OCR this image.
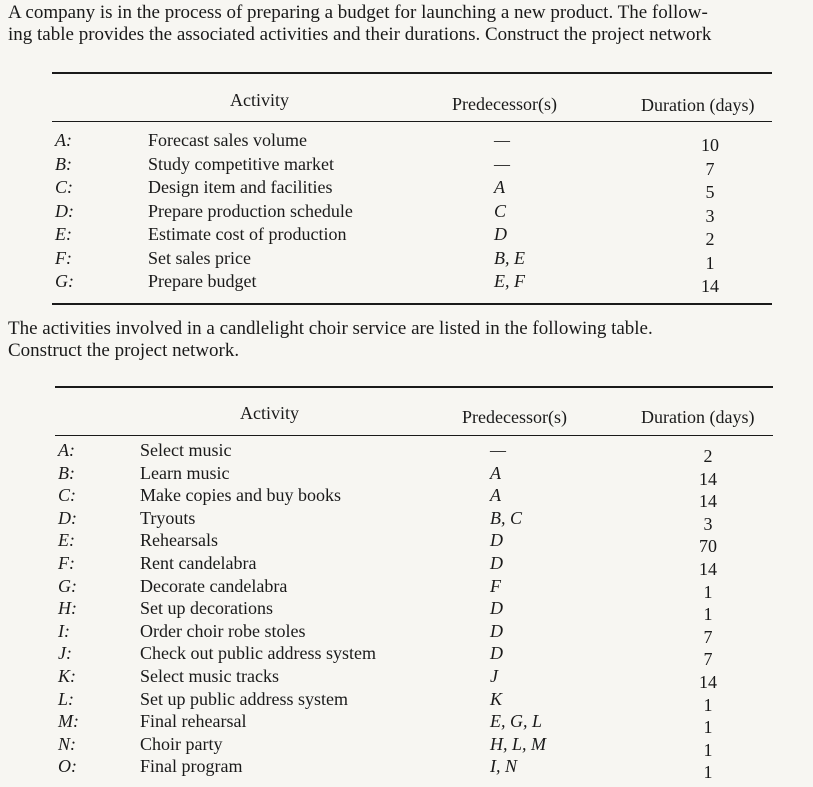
A company is in the process of preparing a budget for launching a new product. The follow-
ing table provides the associated activities and their durations. Construct the project network

Activity	Predecessor(s)	Duration (days)
A:	Forecast sales volume	—	10
B:	Study competitive market	—	7
C:	Design item and facilities	A	5
D:	Prepare production schedule	C	3
E:	Estimate cost of production	D	2
F:	Set sales price	B, E	1
G:	Prepare budget	E, F	14

The activities involved in a candlelight choir service are listed in the following table.
Construct the project network.

Activity	Predecessor(s)	Duration (days)
A:	Select music	—	2
B:	Learn music	A	14
C:	Make copies and buy books	A	14
D:	Tryouts	B, C	3
E:	Rehearsals	D	70
F:	Rent candelabra	D	14
G:	Decorate candelabra	F	1
H:	Set up decorations	D	1
I:	Order choir robe stoles	D	7
J:	Check out public address system	D	7
K:	Select music tracks	J	14
L:	Set up public address system	K	1
M:	Final rehearsal	E, G, L	1
N:	Choir party	H, L, M	1
O:	Final program	I, N	1
